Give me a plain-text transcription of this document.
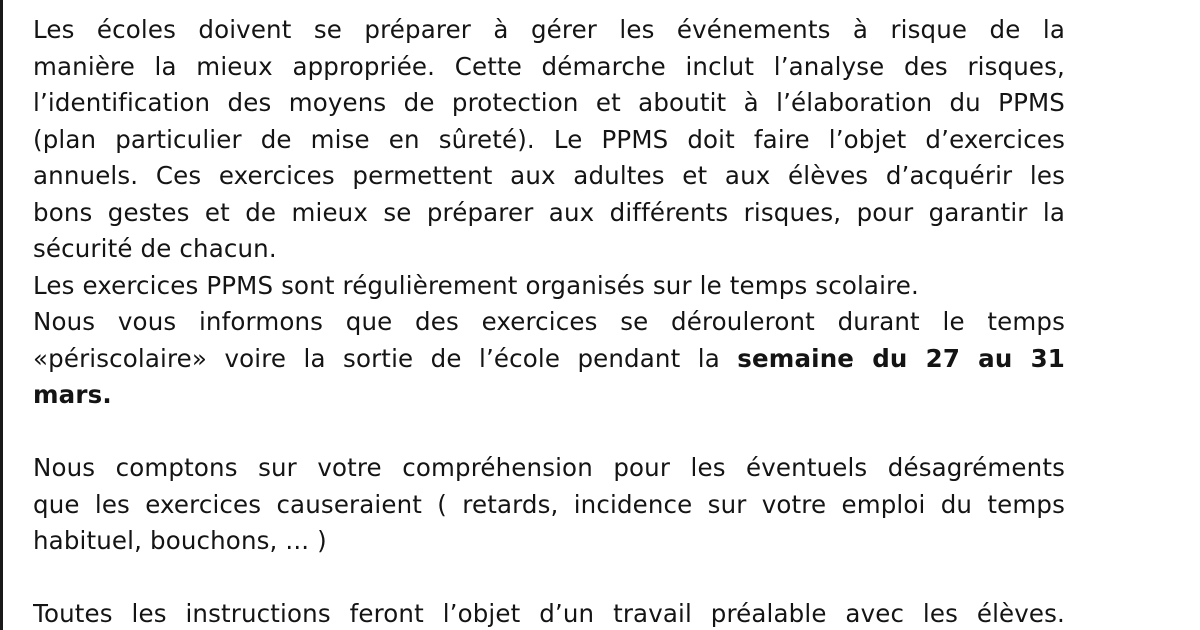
Les écoles doivent se préparer à gérer les événements à risque de la
manière la mieux appropriée. Cette démarche inclut l’analyse des risques,
l’identification des moyens de protection et aboutit à l’élaboration du PPMS
(plan particulier de mise en sûreté). Le PPMS doit faire l’objet d’exercices
annuels. Ces exercices permettent aux adultes et aux élèves d’acquérir les
bons gestes et de mieux se préparer aux différents risques, pour garantir la
sécurité de chacun.

Les exercices PPMS sont régulièrement organisés sur le temps scolaire.

Nous vous informons que des exercices se dérouleront durant le temps
«périscolaire» voire la sortie de l’école pendant la semaine du 27 au 31
mars.

Nous comptons sur votre compréhension pour les éventuels désagréments
que les exercices causeraient ( retards, incidence sur votre emploi du temps
habituel, bouchons, ... )

Toutes les instructions feront l’objet d’un travail préalable avec les élèves.
